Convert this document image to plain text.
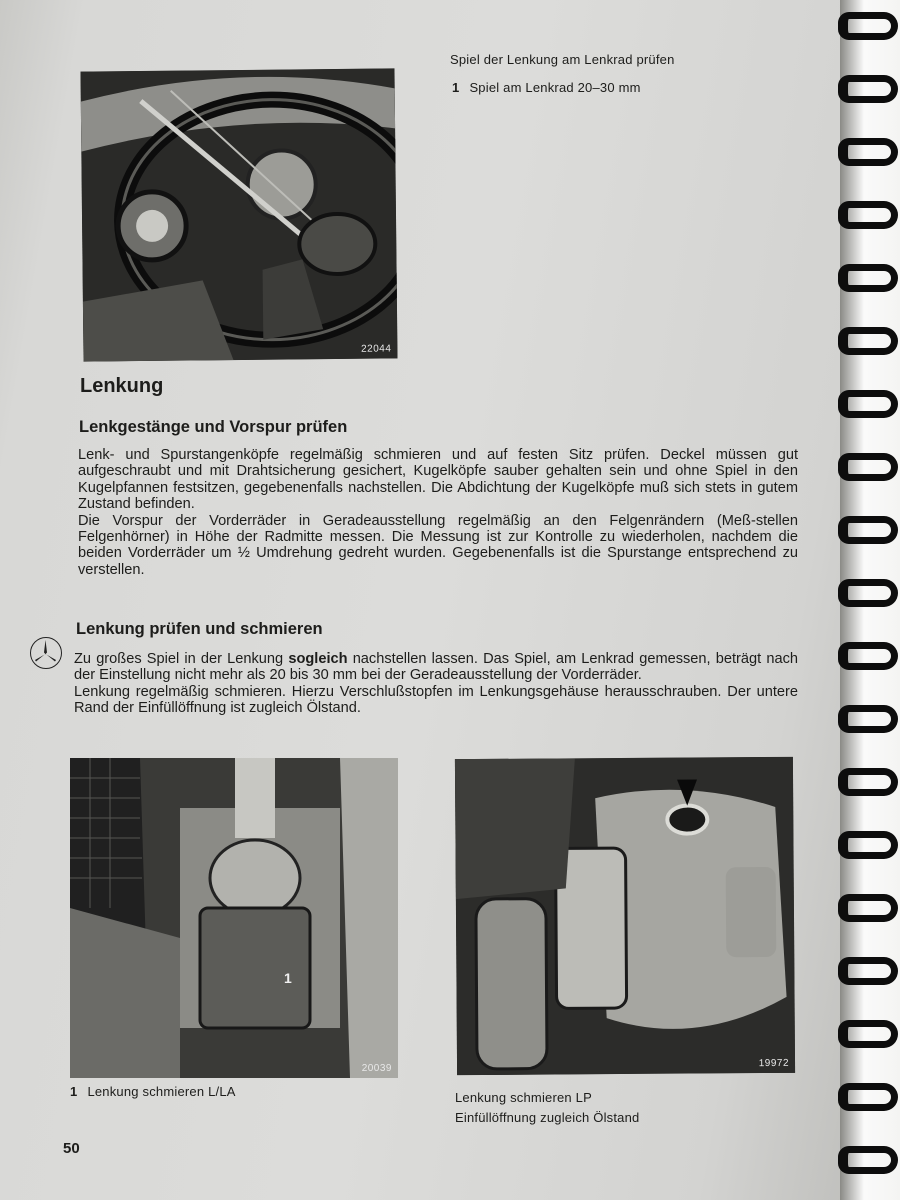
22044
Spiel der Lenkung am Lenkrad prüfen
1 Spiel am Lenkrad 20–30 mm
Lenkung
Lenkgestänge und Vorspur prüfen

Lenk- und Spurstangenköpfe regelmäßig schmieren und auf festen Sitz prüfen. Deckel müssen gut aufgeschraubt und mit Drahtsicherung gesichert, Kugelköpfe sauber gehalten sein und ohne Spiel in den Kugelpfannen festsitzen, gegebenenfalls nachstellen. Die Abdichtung der Kugelköpfe muß sich stets in gutem Zustand befinden.

Die Vorspur der Vorderräder in Geradeausstellung regelmäßig an den Felgenrändern (Meß-stellen Felgenhörner) in Höhe der Radmitte messen. Die Messung ist zur Kontrolle zu wiederholen, nachdem die beiden Vorderräder um ½ Umdrehung gedreht wurden. Gegebenenfalls ist die Spurstange entsprechend zu verstellen.

Lenkung prüfen und schmieren

Zu großes Spiel in der Lenkung sogleich nachstellen lassen. Das Spiel, am Lenkrad gemessen, beträgt nach der Einstellung nicht mehr als 20 bis 30 mm bei der Geradeausstellung der Vorderräder.

Lenkung regelmäßig schmieren. Hierzu Verschlußstopfen im Lenkungsgehäuse herausschrauben. Der untere Rand der Einfüllöffnung ist zugleich Ölstand.

1
20039	19972
1 Lenkung schmieren L/LA	Lenkung schmieren LP
Einfüllöffnung zugleich Ölstand
50
